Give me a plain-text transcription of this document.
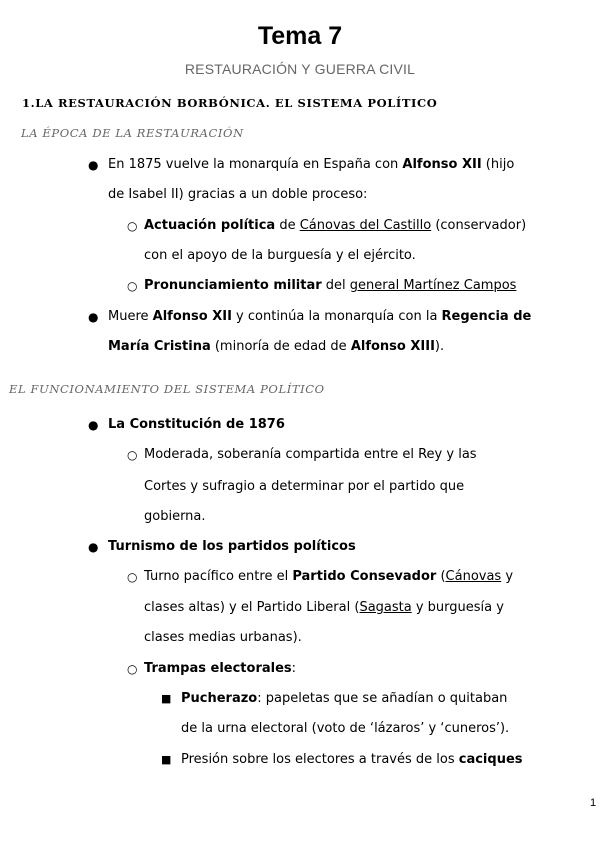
Tema 7
RESTAURACIÓN Y GUERRA CIVIL
1.LA RESTAURACIÓN BORBÓNICA. EL SISTEMA POLÍTICO
LA ÉPOCA DE LA RESTAURACIÓN
● En 1875 vuelve la monarquía en España con Alfonso XII (hijo
de Isabel II) gracias a un doble proceso:
○ Actuación política de Cánovas del Castillo (conservador)
con el apoyo de la burguesía y el ejército.
○ Pronunciamiento militar del general Martínez Campos
● Muere Alfonso XII y continúa la monarquía con la Regencia de
María Cristina (minoría de edad de Alfonso XIII).
EL FUNCIONAMIENTO DEL SISTEMA POLÍTICO
● La Constitución de 1876
○ Moderada, soberanía compartida entre el Rey y las
Cortes y sufragio a determinar por el partido que
gobierna.
● Turnismo de los partidos políticos
○ Turno pacífico entre el Partido Consevador (Cánovas y
clases altas) y el Partido Liberal (Sagasta y burguesía y
clases medias urbanas).
○ Trampas electorales:
■ Pucherazo: papeletas que se añadían o quitaban
de la urna electoral (voto de ‘lázaros’ y ‘cuneros’).
■ Presión sobre los electores a través de los caciques
1
